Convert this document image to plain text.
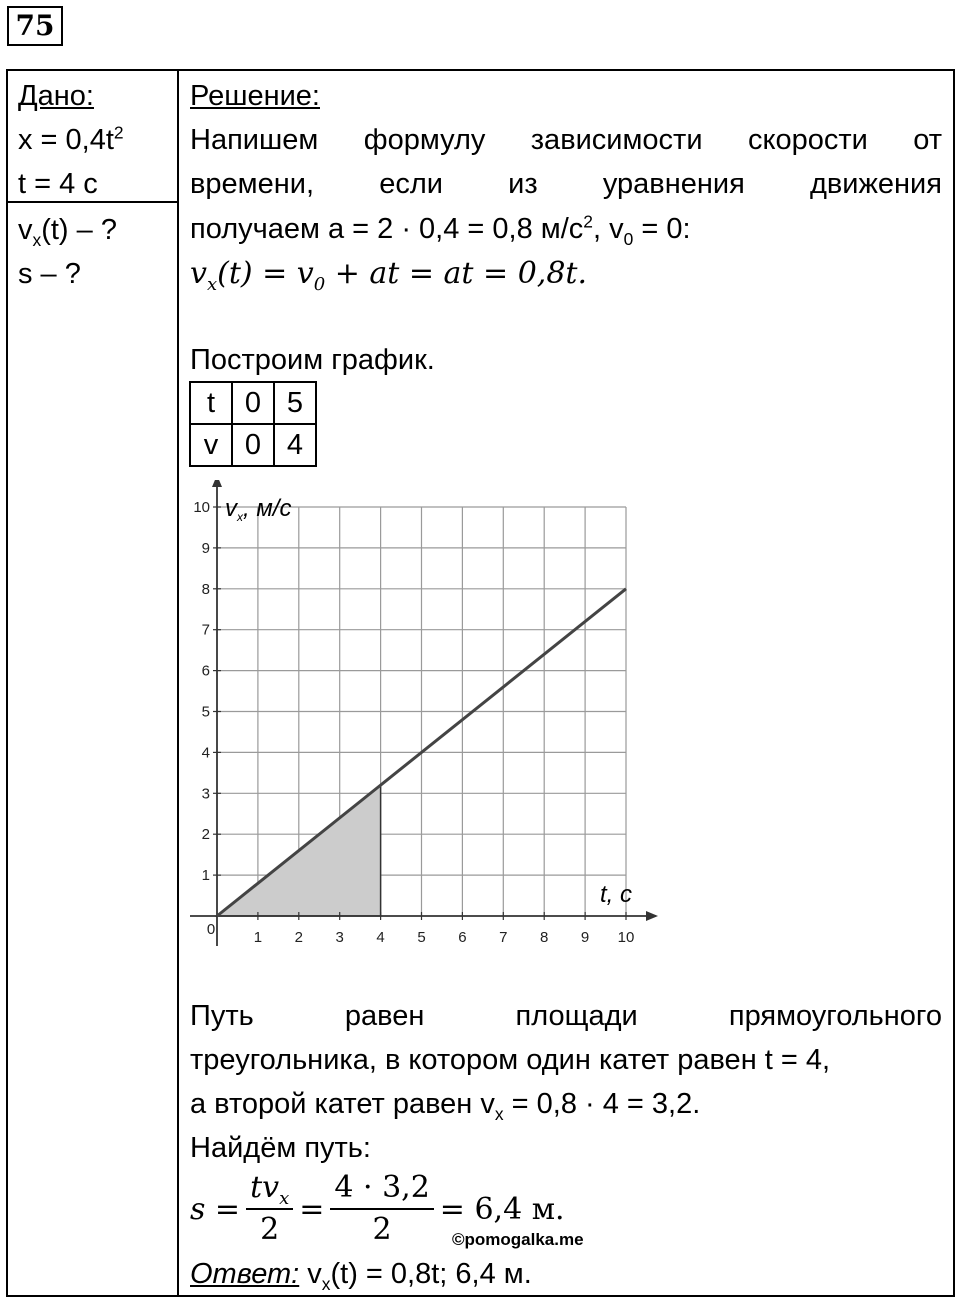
75
Дано:
$x = 0,4t^2$
t = 4 с
$v_x(t)$ – ?
s – ?
Решение:
Напишем формулу зависимости скорости от
времени, если из уравнения движения
получаем a = 2 · 0,4 = 0,8 $м/с^2$, $v_0 = 0$:
$v_x(t) = v_0$ + at = at = 0,8t.
Построим график.
t	0	5
v	0	4
0	1 2 3 4 5 6 7 8 9 10
1
2
3
4
5
6
7
8
9
10 $v_x$, м/с
t, с
Путь	равен	площади	прямоугольного
треугольника, в котором один катет равен t = 4,
а второй катет равен $v_x = 0,8 \cdot 4 = 3,2$.
Найдём путь:
$s = \frac{tv_x}{2} = \frac{4 \cdot 3,2}{2} = 6,4$ м.
©pomogalka.me
Ответ: $v_x(t) = 0,8t$; 6,4 м.
